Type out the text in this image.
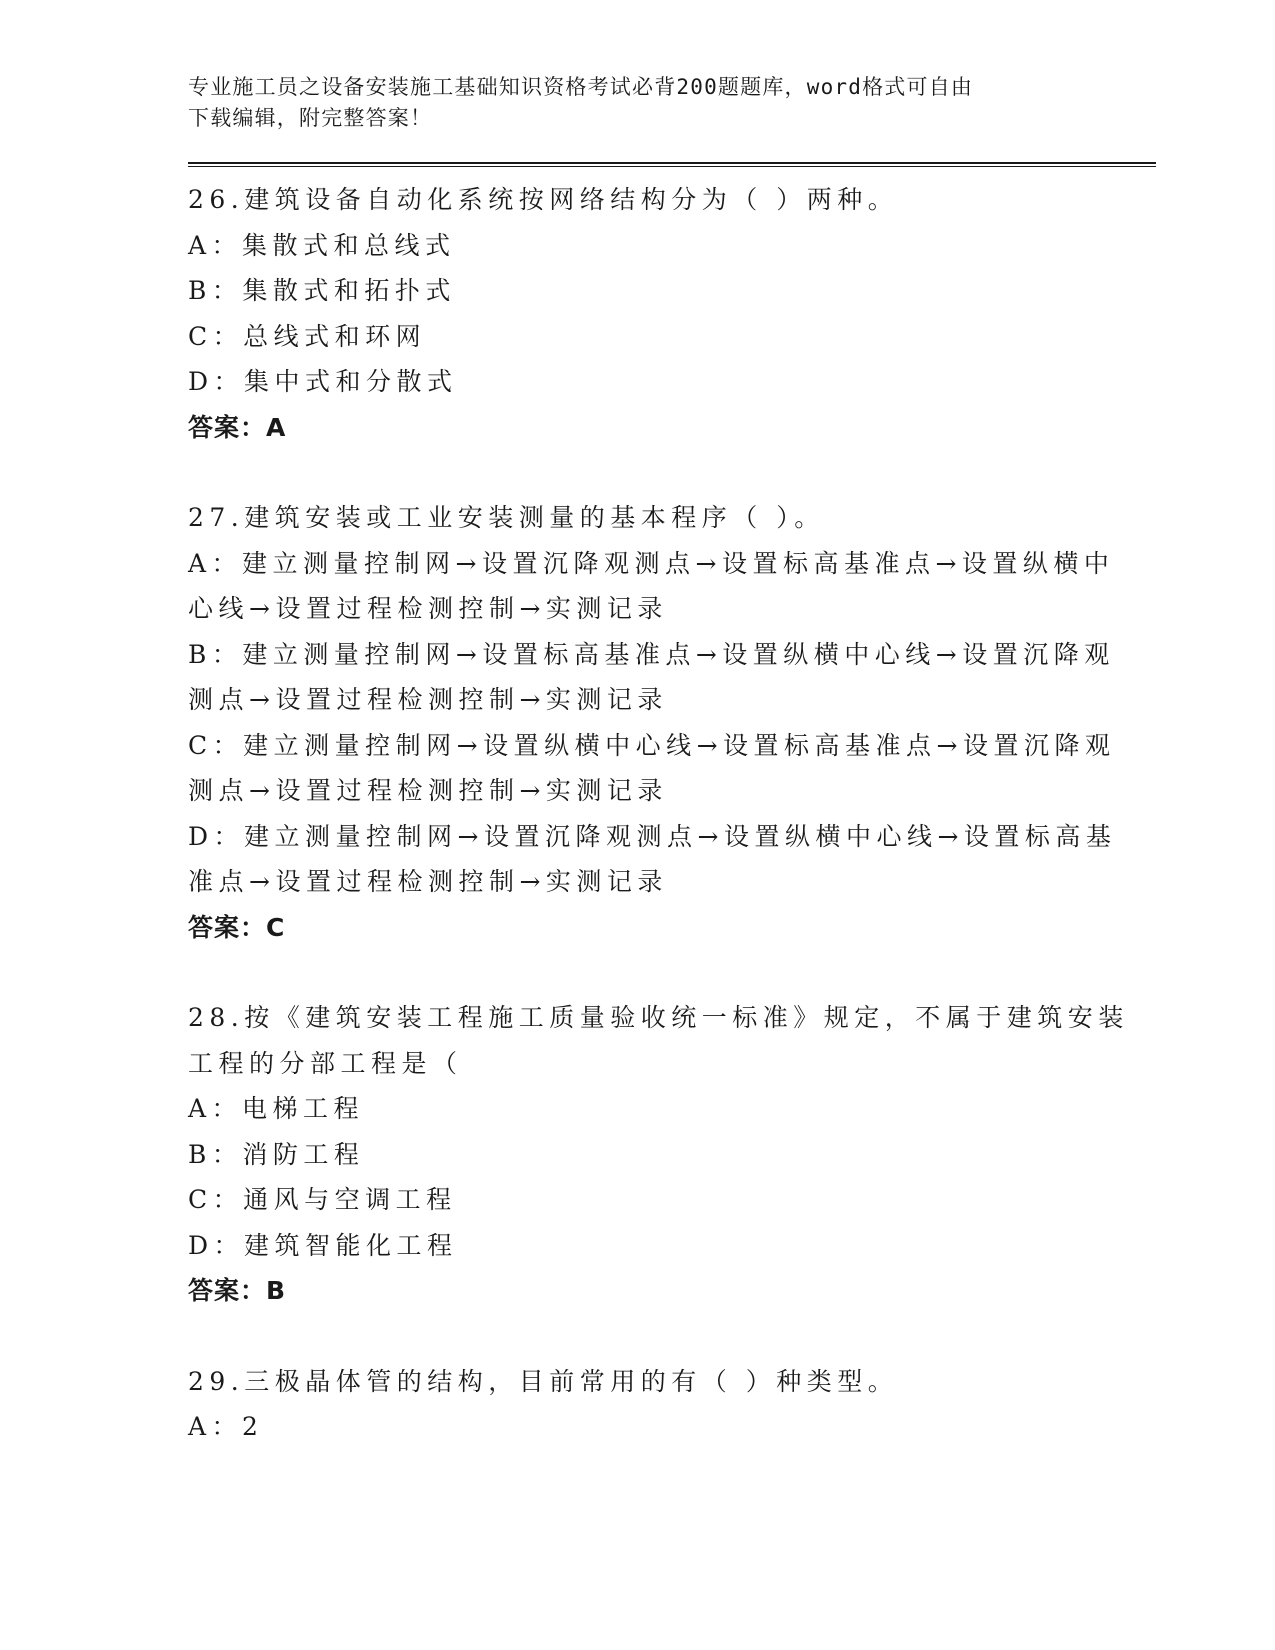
专业施工员之设备安装施工基础知识资格考试必背200题题库，word格式可自由
下载编辑，附完整答案！
26.建筑设备自动化系统按网络结构分为（ ）两种。
A：集散式和总线式
B：集散式和拓扑式
C：总线式和环网
D：集中式和分散式
答案：A
27.建筑安装或工业安装测量的基本程序（ ）。
A：建立测量控制网→设置沉降观测点→设置标高基准点→设置纵横中
心线→设置过程检测控制→实测记录
B：建立测量控制网→设置标高基准点→设置纵横中心线→设置沉降观
测点→设置过程检测控制→实测记录
C：建立测量控制网→设置纵横中心线→设置标高基准点→设置沉降观
测点→设置过程检测控制→实测记录
D：建立测量控制网→设置沉降观测点→设置纵横中心线→设置标高基
准点→设置过程检测控制→实测记录
答案：C
28.按《建筑安装工程施工质量验收统一标准》规定，不属于建筑安装
工程的分部工程是（
A：电梯工程
B：消防工程
C：通风与空调工程
D：建筑智能化工程
答案：B
29.三极晶体管的结构，目前常用的有（ ）种类型。
A：2
